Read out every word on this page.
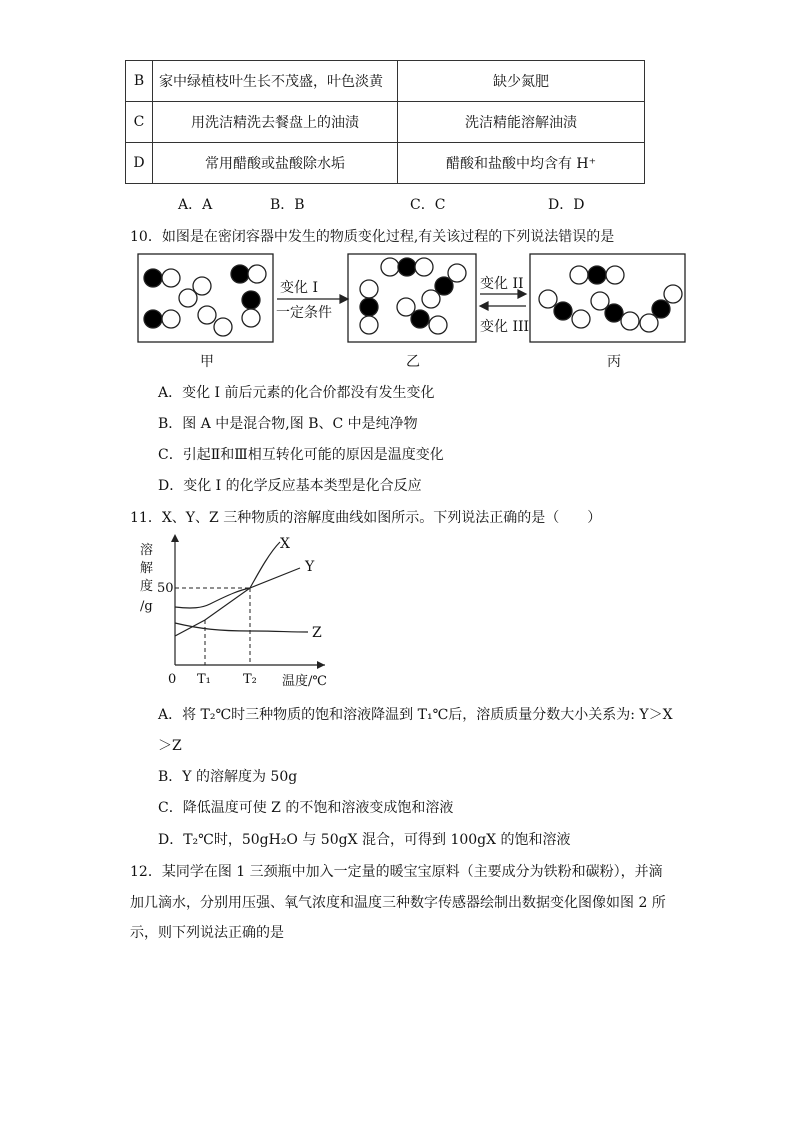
B	家中绿植枝叶生长不茂盛，叶色淡黄	缺少氮肥
C	用洗洁精洗去餐盘上的油渍	洗洁精能溶解油渍
D	常用醋酸或盐酸除水垢	醋酸和盐酸中均含有 H⁺
A．A	B．B	C．C	D．D
10．如图是在密闭容器中发生的物质变化过程,有关该过程的下列说法错误的是
变化 I
一定条件
变化 II
变化 III
甲	乙	丙
A．变化 I 前后元素的化合价都没有发生变化
B．图 A 中是混合物,图 B、C 中是纯净物
C．引起Ⅱ和Ⅲ相互转化可能的原因是温度变化
D．变化 I 的化学反应基本类型是化合反应
11．X、Y、Z 三种物质的溶解度曲线如图所示。下列说法正确的是（　　）
溶
解
度
/g
50
0 T₁ T₂ 温度/℃
X
Y
Z
A．将 T₂℃时三种物质的饱和溶液降温到 T₁℃后，溶质质量分数大小关系为: Y＞X
＞Z
B．Y 的溶解度为 50g
C．降低温度可使 Z 的不饱和溶液变成饱和溶液
D．T₂℃时，50gH₂O 与 50gX 混合，可得到 100gX 的饱和溶液
12．某同学在图 1 三颈瓶中加入一定量的暖宝宝原料（主要成分为铁粉和碳粉），并滴
加几滴水，分别用压强、氧气浓度和温度三种数字传感器绘制出数据变化图像如图 2 所
示，则下列说法正确的是
